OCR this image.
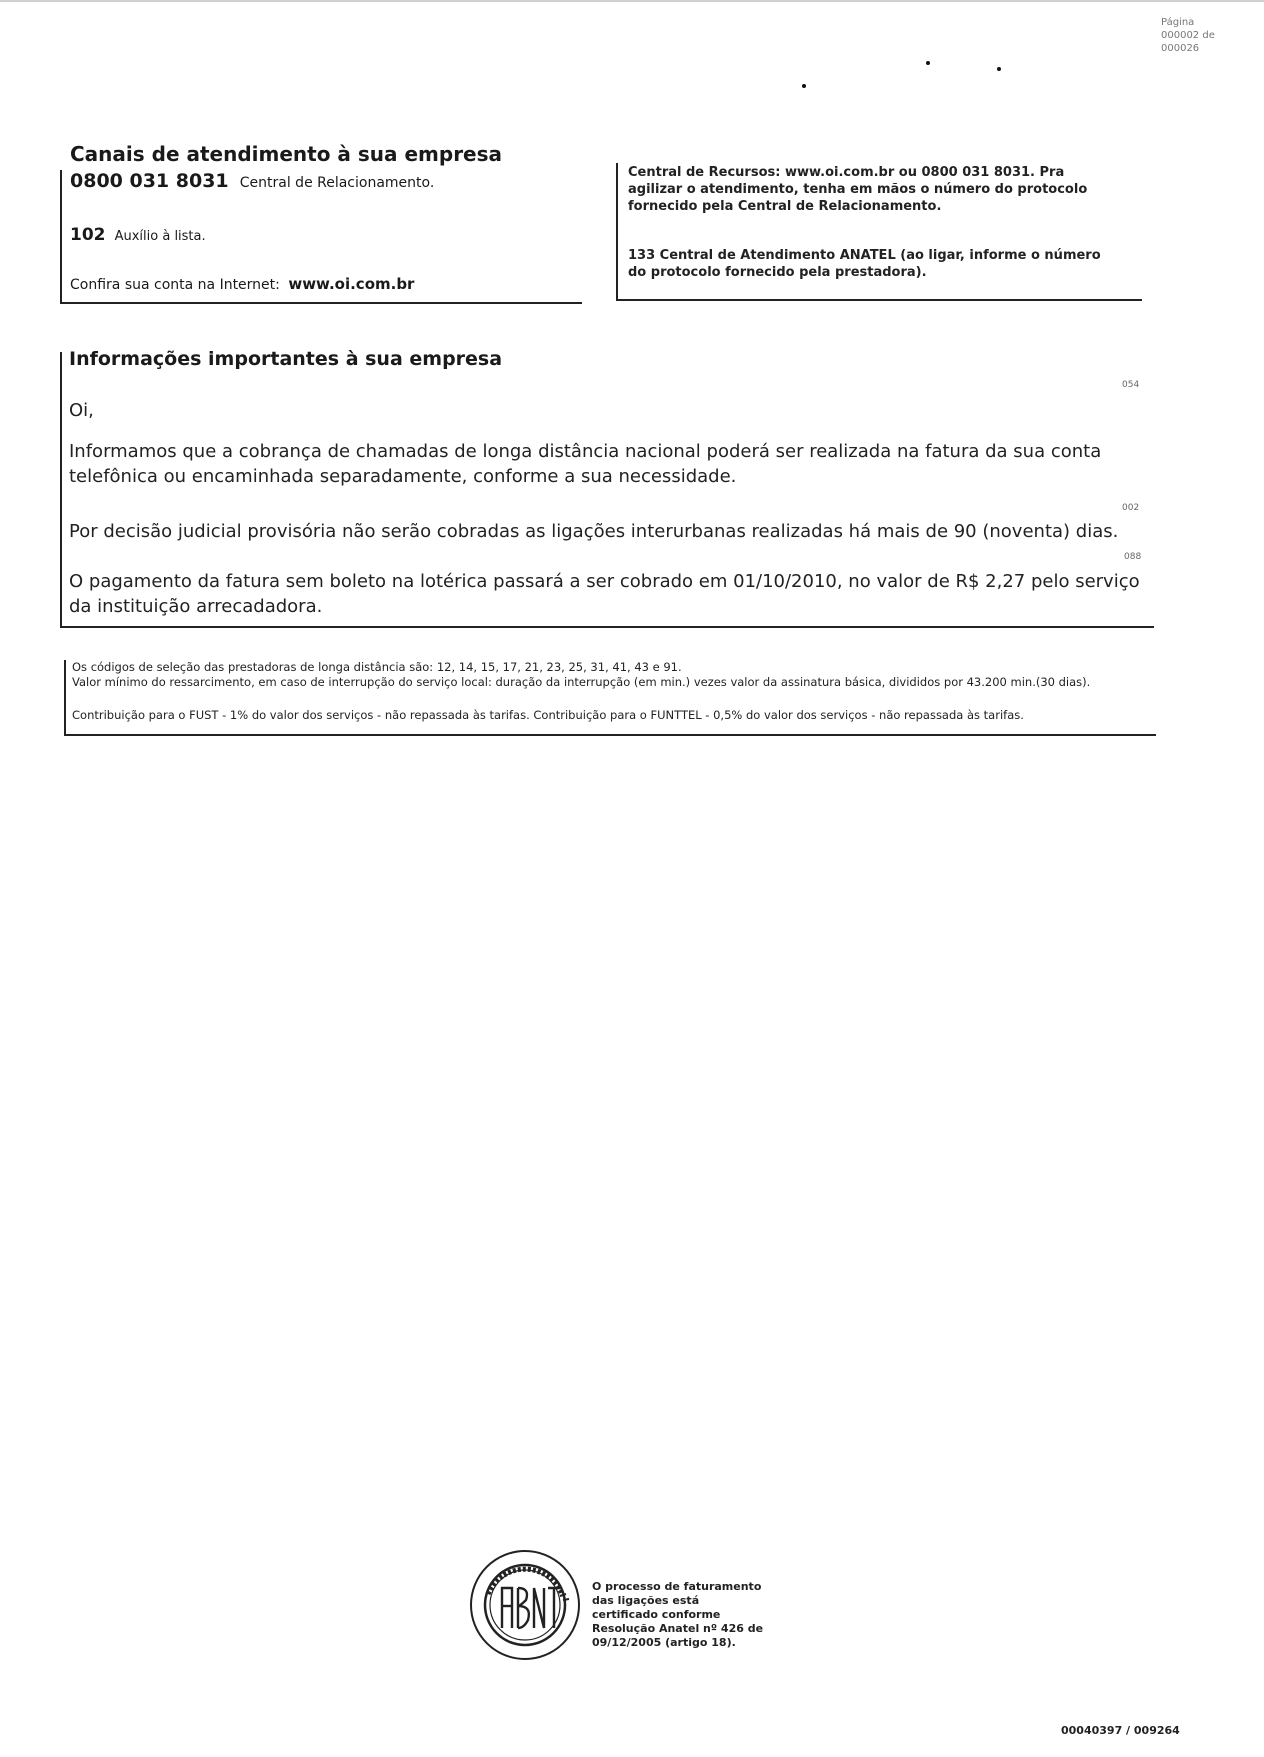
Página
000002 de
000026
Canais de atendimento à sua empresa
0800 031 8031 Central de Relacionamento.
102 Auxílio à lista.
Confira sua conta na Internet: www.oi.com.br
Central de Recursos: www.oi.com.br ou 0800 031 8031. Pra agilizar o atendimento, tenha em mãos o número do protocolo fornecido pela Central de Relacionamento.
133 Central de Atendimento ANATEL (ao ligar, informe o número do protocolo fornecido pela prestadora).
Informações importantes à sua empresa
054
Oi,
Informamos que a cobrança de chamadas de longa distância nacional poderá ser realizada na fatura da sua conta telefônica ou encaminhada separadamente, conforme a sua necessidade.
002
Por decisão judicial provisória não serão cobradas as ligações interurbanas realizadas há mais de 90 (noventa) dias.
088
O pagamento da fatura sem boleto na lotérica passará a ser cobrado em 01/10/2010, no valor de R$ 2,27 pelo serviço da instituição arrecadadora.
Os códigos de seleção das prestadoras de longa distância são: 12, 14, 15, 17, 21, 23, 25, 31, 41, 43 e 91.
Valor mínimo do ressarcimento, em caso de interrupção do serviço local: duração da interrupção (em min.) vezes valor da assinatura básica, divididos por 43.200 min.(30 dias).
Contribuição para o FUST - 1% do valor dos serviços - não repassada às tarifas. Contribuição para o FUNTTEL - 0,5% do valor dos serviços - não repassada às tarifas.
O processo de faturamento das ligações está certificado conforme Resolução Anatel nº 426 de 09/12/2005 (artigo 18).
00040397 / 009264
